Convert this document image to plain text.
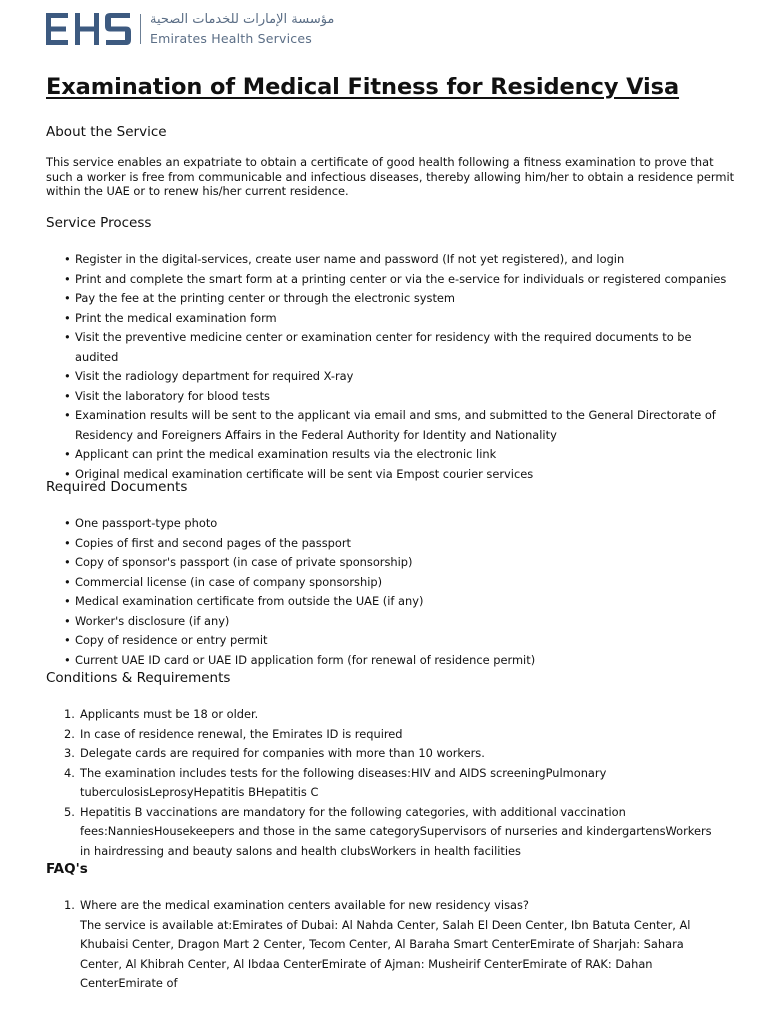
مؤسسة الإمارات للخدمات الصحية
Emirates Health Services
Examination of Medical Fitness for Residency Visa
About the Service

This service enables an expatriate to obtain a certificate of good health following a fitness examination to prove that such a worker is free from communicable and infectious diseases, thereby allowing him/her to obtain a residence permit within the UAE or to renew his/her current residence.

Service Process
• Register in the digital-services, create user name and password (If not yet registered), and login
• Print and complete the smart form at a printing center or via the e-service for individuals or registered companies
• Pay the fee at the printing center or through the electronic system
• Print the medical examination form
• Visit the preventive medicine center or examination center for residency with the required documents to be audited
• Visit the radiology department for required X-ray
• Visit the laboratory for blood tests
• Examination results will be sent to the applicant via email and sms, and submitted to the General Directorate of Residency and Foreigners Affairs in the Federal Authority for Identity and Nationality
• Applicant can print the medical examination results via the electronic link
• Original medical examination certificate will be sent via Empost courier services
Required Documents
• One passport-type photo
• Copies of first and second pages of the passport
• Copy of sponsor's passport (in case of private sponsorship)
• Commercial license (in case of company sponsorship)
• Medical examination certificate from outside the UAE (if any)
• Worker's disclosure (if any)
• Copy of residence or entry permit
• Current UAE ID card or UAE ID application form (for renewal of residence permit)
Conditions & Requirements
1. Applicants must be 18 or older.
2. In case of residence renewal, the Emirates ID is required
3. Delegate cards are required for companies with more than 10 workers.
4. The examination includes tests for the following diseases:HIV and AIDS screeningPulmonary tuberculosisLeprosyHepatitis BHepatitis C
5. Hepatitis B vaccinations are mandatory for the following categories, with additional vaccination fees:NanniesHousekeepers and those in the same categorySupervisors of nurseries and kindergartensWorkers in hairdressing and beauty salons and health clubsWorkers in health facilities
FAQ's
1. Where are the medical examination centers available for new residency visas?
The service is available at:Emirates of Dubai: Al Nahda Center, Salah El Deen Center, Ibn Batuta Center, Al Khubaisi Center, Dragon Mart 2 Center, Tecom Center, Al Baraha Smart CenterEmirate of Sharjah: Sahara Center, Al Khibrah Center, Al Ibdaa CenterEmirate of Ajman: Musheirif CenterEmirate of RAK: Dahan CenterEmirate of
